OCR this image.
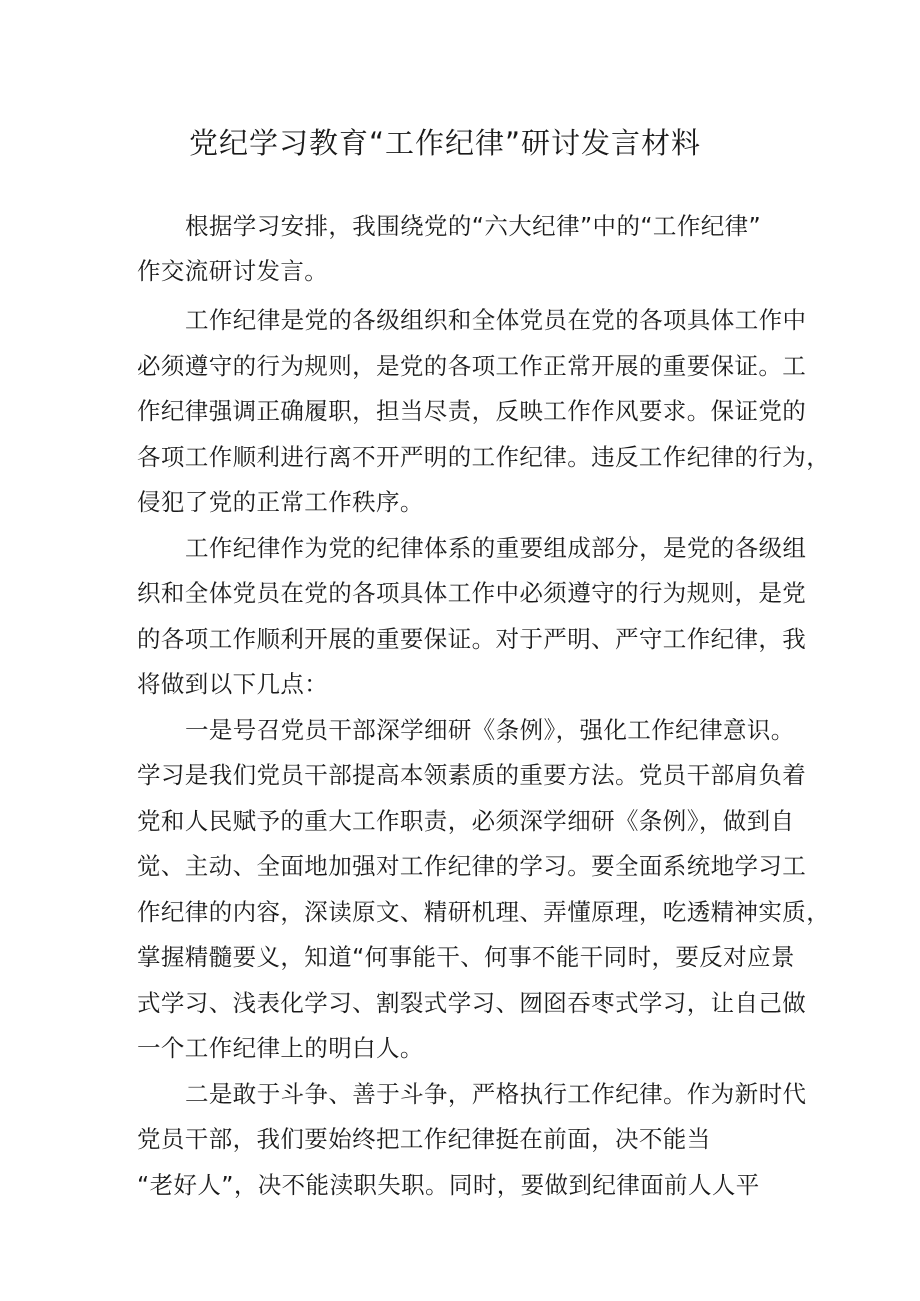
党纪学习教育“工作纪律”研讨发言材料
根据学习安排，我围绕党的“六大纪律”中的“工作纪律”
作交流研讨发言。
工作纪律是党的各级组织和全体党员在党的各项具体工作中
必须遵守的行为规则，是党的各项工作正常开展的重要保证。工
作纪律强调正确履职，担当尽责，反映工作作风要求。保证党的
各项工作顺利进行离不开严明的工作纪律。违反工作纪律的行为，
侵犯了党的正常工作秩序。
工作纪律作为党的纪律体系的重要组成部分，是党的各级组
织和全体党员在党的各项具体工作中必须遵守的行为规则，是党
的各项工作顺利开展的重要保证。对于严明、严守工作纪律，我
将做到以下几点：
一是号召党员干部深学细研《条例》，强化工作纪律意识。
学习是我们党员干部提高本领素质的重要方法。党员干部肩负着
党和人民赋予的重大工作职责，必须深学细研《条例》，做到自
觉、主动、全面地加强对工作纪律的学习。要全面系统地学习工
作纪律的内容，深读原文、精研机理、弄懂原理，吃透精神实质，
掌握精髓要义，知道“何事能干、何事不能干同时，要反对应景
式学习、浅表化学习、割裂式学习、囫囵吞枣式学习，让自己做
一个工作纪律上的明白人。
二是敢于斗争、善于斗争，严格执行工作纪律。作为新时代
党员干部，我们要始终把工作纪律挺在前面，决不能当
“老好人”，决不能渎职失职。同时，要做到纪律面前人人平
